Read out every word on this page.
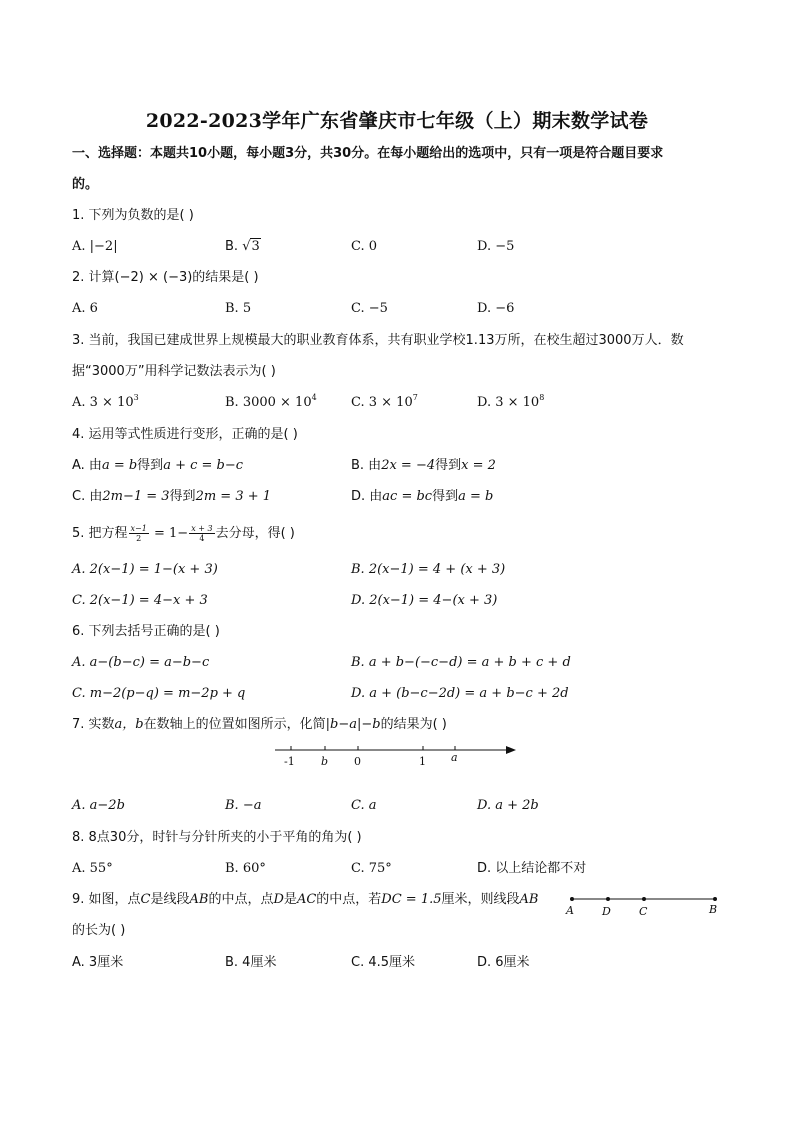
2022-2023学年广东省肇庆市七年级（上）期末数学试卷
一、选择题：本题共10小题，每小题3分，共30分。在每小题给出的选项中，只有一项是符合题目要求
的。
1. 下列为负数的是( )
A. |−2|	B. √3	C. 0	D. −5
2. 计算(−2) × (−3)的结果是( )
A. 6	B. 5	C. −5	D. −6
3. 当前，我国已建成世界上规模最大的职业教育体系，共有职业学校1.13万所，在校生超过3000万人．数
据“3000万”用科学记数法表示为( )
A. $3 \times 10^3$	B. $3000 \times 10^4$	C. $3 \times 10^7$	D. $3 \times 10^8$
4. 运用等式性质进行变形，正确的是( )
A. 由a = b得到a + c = b−c	B. 由2x = −4得到x = 2
C. 由2m−1 = 3得到2m = 3 + 1	D. 由ac = bc得到a = b
5. 把方程 $\frac{x-1}{2} = 1- \frac{x + 3}{4}$ 去分母，得( )
A. 2(x−1) = 1−(x + 3)	B. 2(x−1) = 4 + (x + 3)
C. 2(x−1) = 4−x + 3	D. 2(x−1) = 4−(x + 3)
6. 下列去括号正确的是( )
A. a−(b−c) = a−b−c	B. a + b−(−c−d) = a + b + c + d
C. m−2(p−q) = m−2p + q	D. a + (b−c−2d) = a + b−c + 2d
7. 实数a，b在数轴上的位置如图所示，化简|b−a|−b的结果为( )
-1 b 0	1 a
A. a−2b	B. −a	C. a	D. a + 2b
8. 8点30分，时针与分针所夹的小于平角的角为( )
A. 55°	B. 60°	C. 75°	D. 以上结论都不对
9. 如图，点C是线段AB的中点，点D是AC的中点，若DC = 1.5厘米，则线段AB
的长为( )
A	D	C	B
A. 3厘米	B. 4厘米	C. 4.5厘米	D. 6厘米
